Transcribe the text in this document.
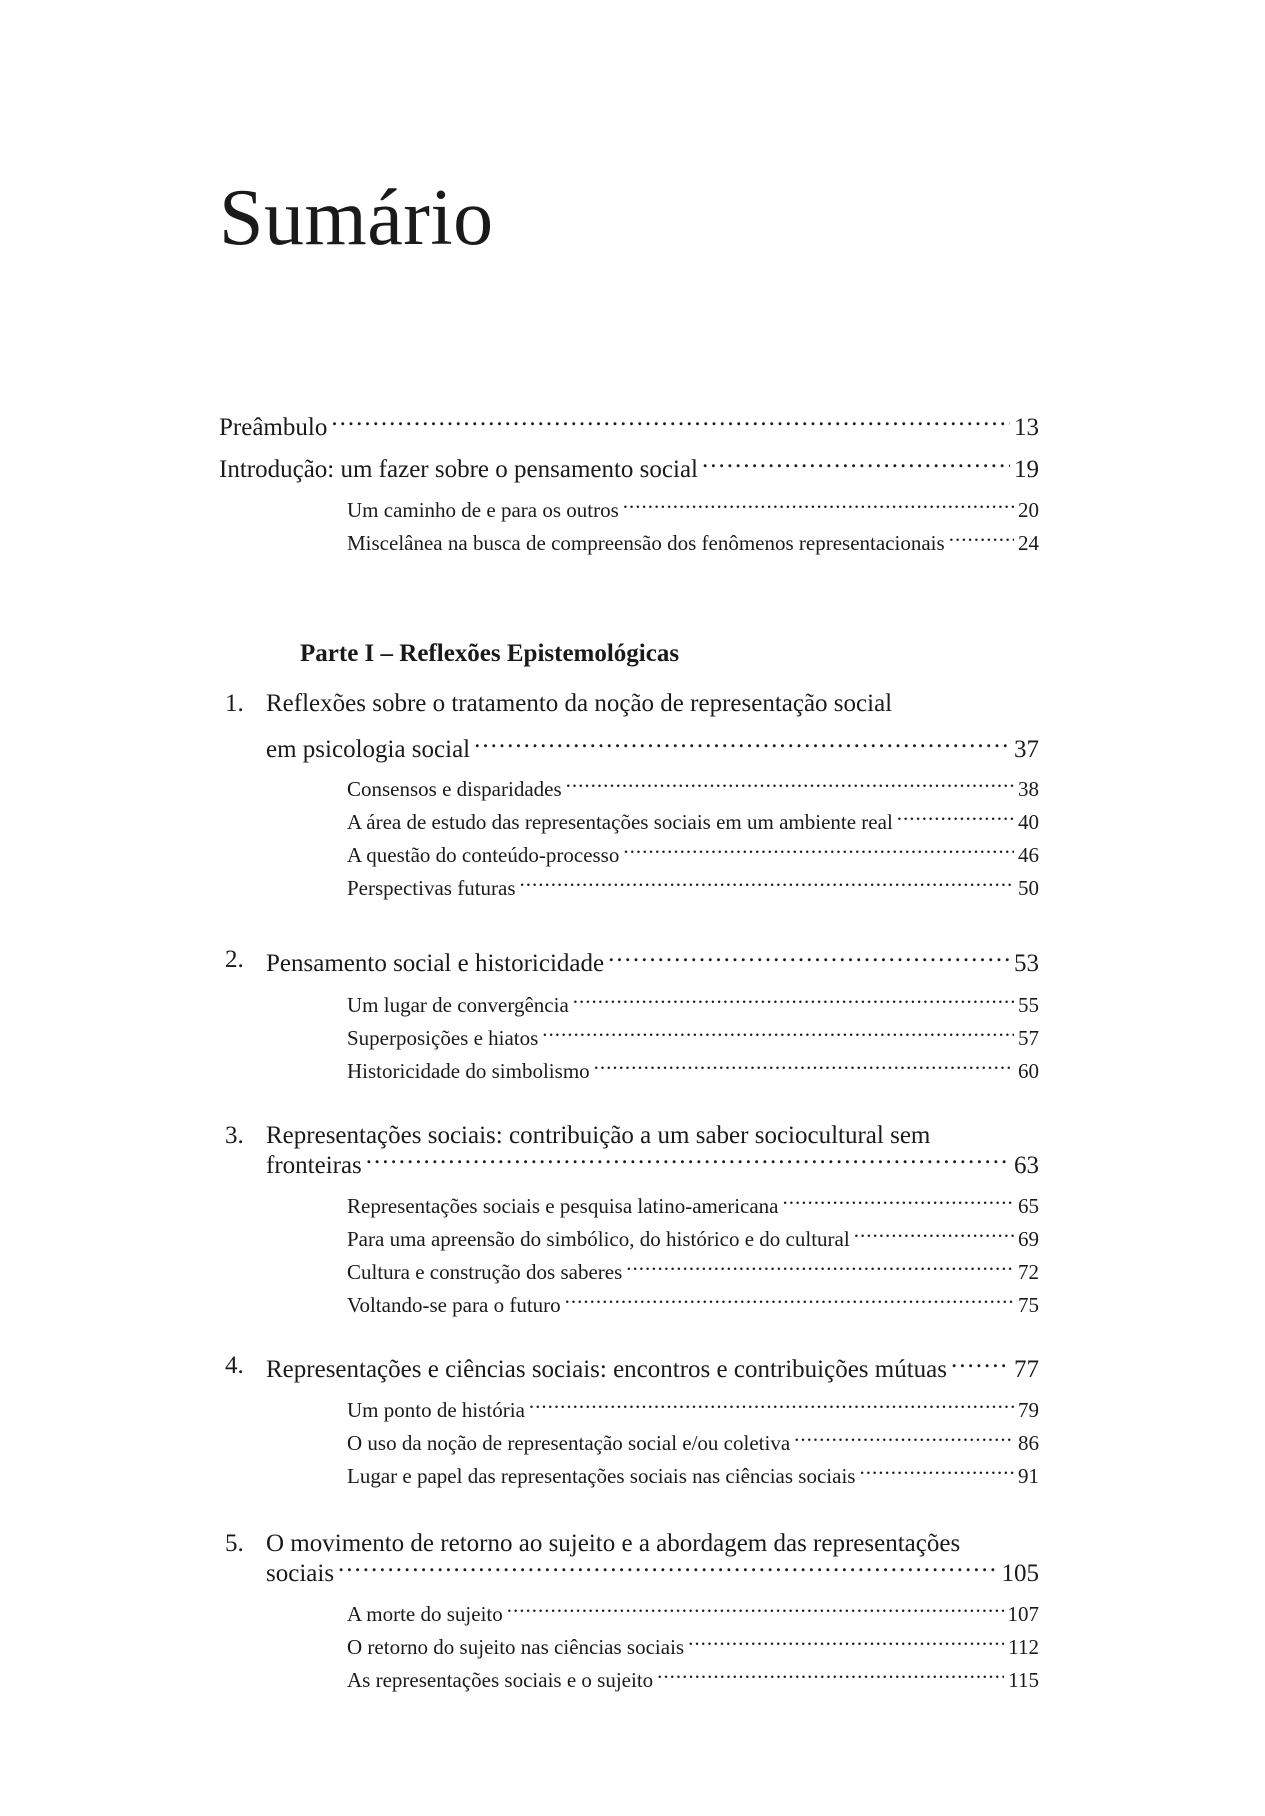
Sumário
Preâmbulo .....	13
Introdução: um fazer sobre o pensamento social .....	19
Um caminho de e para os outros .....	20
Miscelânea na busca de compreensão dos fenômenos representacionais .....	24
Parte I – Reflexões Epistemológicas
1. Reflexões sobre o tratamento da noção de representação social
em psicologia social .....	37
Consensos e disparidades .....	38
A área de estudo das representações sociais em um ambiente real .....	40
A questão do conteúdo-processo .....	46
Perspectivas futuras .....	50
2. Pensamento social e historicidade .....	53
Um lugar de convergência .....	55
Superposições e hiatos .....	57
Historicidade do simbolismo .....	60
3. Representações sociais: contribuição a um saber sociocultural sem
fronteiras .....	63
Representações sociais e pesquisa latino-americana .....	65
Para uma apreensão do simbólico, do histórico e do cultural .....	69
Cultura e construção dos saberes .....	72
Voltando-se para o futuro .....	75
4. Representações e ciências sociais: encontros e contribuições mútuas .....	77
Um ponto de história .....	79
O uso da noção de representação social e/ou coletiva .....	86
Lugar e papel das representações sociais nas ciências sociais .....	91
5. O movimento de retorno ao sujeito e a abordagem das representações
sociais .....	105
A morte do sujeito .....	107
O retorno do sujeito nas ciências sociais .....	112
As representações sociais e o sujeito .....	115
